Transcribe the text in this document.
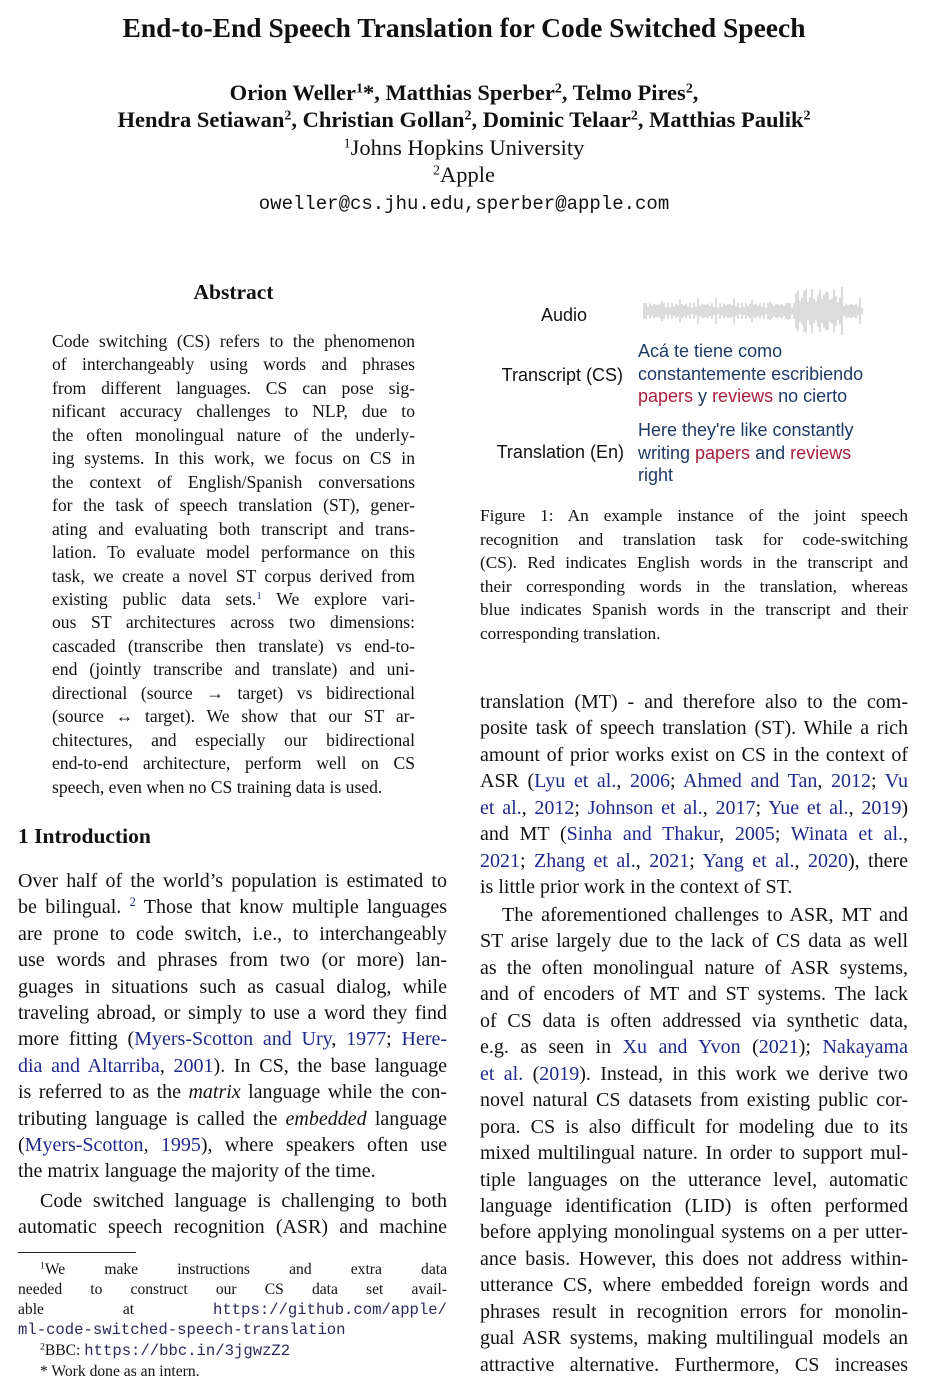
End-to-End Speech Translation for Code Switched Speech
Orion Weller$^1$*, Matthias Sperber$^2$, Telmo Pires$^2$,
Hendra Setiawan$^2$, Christian Gollan$^2$, Dominic Telaar$^2$, Matthias Paulik$^2$
$^1$Johns Hopkins University
$^2$Apple
oweller@cs.jhu.edu,sperber@apple.com
Abstract
Code switching (CS) refers to the phenomenon
of interchangeably using words and phrases
from different languages. CS can pose sig-
nificant accuracy challenges to NLP, due to
the often monolingual nature of the underly-
ing systems. In this work, we focus on CS in
the context of English/Spanish conversations
for the task of speech translation (ST), gener-
ating and evaluating both transcript and trans-
lation. To evaluate model performance on this
task, we create a novel ST corpus derived from
existing public data sets.$^1$ We explore vari-
ous ST architectures across two dimensions:
cascaded (transcribe then translate) vs end-to-
end (jointly transcribe and translate) and uni-
directional (source → target) vs bidirectional
(source ↔ target). We show that our ST ar-
chitectures, and especially our bidirectional
end-to-end architecture, perform well on CS
speech, even when no CS training data is used.
1 Introduction
Over half of the world’s population is estimated to
be bilingual. $^2$ Those that know multiple languages
are prone to code switch, i.e., to interchangeably
use words and phrases from two (or more) lan-
guages in situations such as casual dialog, while
traveling abroad, or simply to use a word they find
more fitting (Myers-Scotton and Ury, 1977; Here-
dia and Altarriba, 2001). In CS, the base language
is referred to as the matrix language while the con-
tributing language is called the embedded language
(Myers-Scotton, 1995), where speakers often use
the matrix language the majority of the time.
Code switched language is challenging to both
automatic speech recognition (ASR) and machine
$^1$We make instructions and extra data
needed to construct our CS data set avail-
able at https://github.com/apple/
ml-code-switched-speech-translation
$^2$BBC: https://bbc.in/3jgwzZ2
* Work done as an intern.
Audio
Transcript (CS)
Acá te tiene como
constantemente escribiendo
papers y reviews no cierto
Translation (En)
Here they're like constantly
writing papers and reviews
right
Figure 1: An example instance of the joint speech
recognition and translation task for code-switching
(CS). Red indicates English words in the transcript and
their corresponding words in the translation, whereas
blue indicates Spanish words in the transcript and their
corresponding translation.
translation (MT) - and therefore also to the com-
posite task of speech translation (ST). While a rich
amount of prior works exist on CS in the context of
ASR (Lyu et al., 2006; Ahmed and Tan, 2012; Vu
et al., 2012; Johnson et al., 2017; Yue et al., 2019)
and MT (Sinha and Thakur, 2005; Winata et al.,
2021; Zhang et al., 2021; Yang et al., 2020), there
is little prior work in the context of ST.
The aforementioned challenges to ASR, MT and
ST arise largely due to the lack of CS data as well
as the often monolingual nature of ASR systems,
and of encoders of MT and ST systems. The lack
of CS data is often addressed via synthetic data,
e.g. as seen in Xu and Yvon (2021); Nakayama
et al. (2019). Instead, in this work we derive two
novel natural CS datasets from existing public cor-
pora. CS is also difficult for modeling due to its
mixed multilingual nature. In order to support mul-
tiple languages on the utterance level, automatic
language identification (LID) is often performed
before applying monolingual systems on a per utter-
ance basis. However, this does not address within-
utterance CS, where embedded foreign words and
phrases result in recognition errors for monolin-
gual ASR systems, making multilingual models an
attractive alternative. Furthermore, CS increases
